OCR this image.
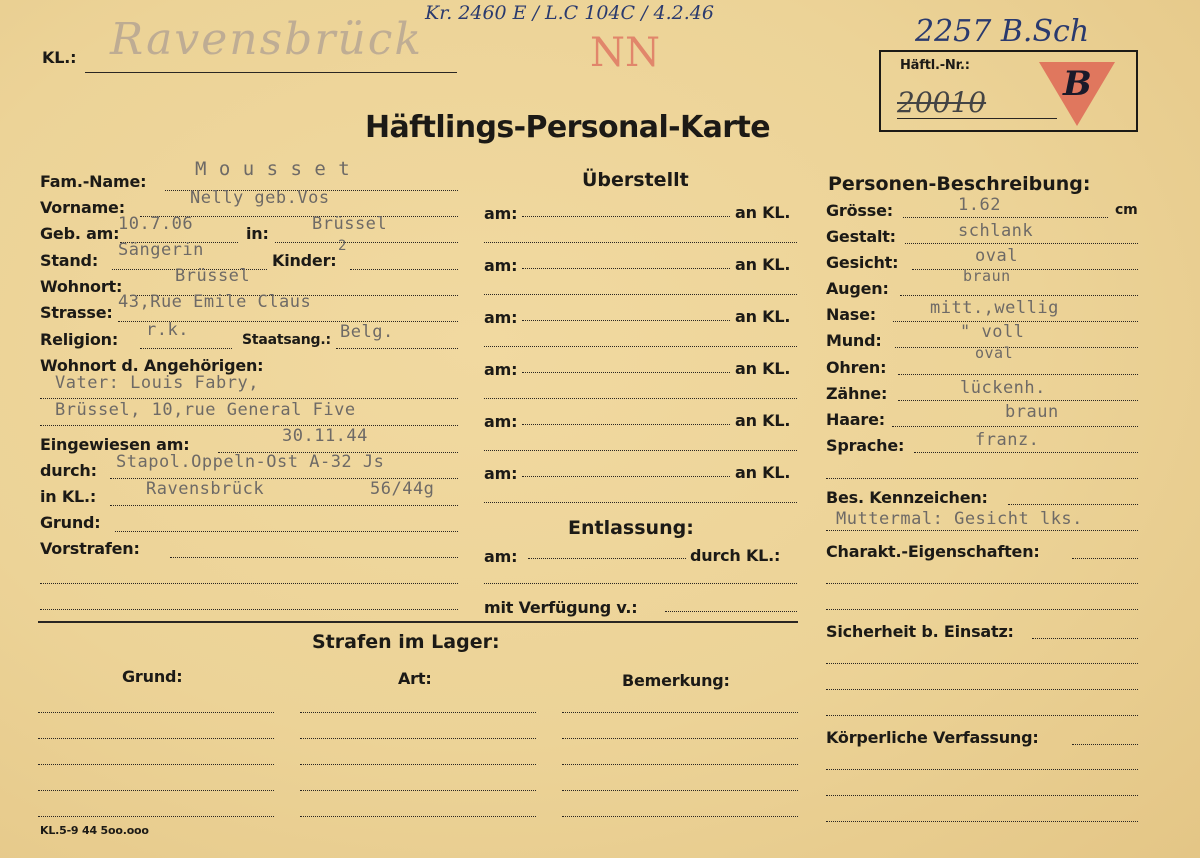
KL.: Ravensbrück
Kr. 2460 E / L.C 104C / 4.2.46
NN	2257 B.Sch
Häftl.-Nr.:
20010 B
Häftlings-Personal-Karte
Fam.-Name:
M o u s s e t
Vorname:	Nelly geb.Vos
Geb. am:
10.7.06	in:	Brüssel
Stand:
Sängerin
Kinder:
2
Wohnort:
Brüssel
Strasse:
43,Rue Emile Claus
Religion: r.k.	Staatsang.: Belg.
Wohnort d. Angehörigen:
Vater: Louis Fabry,
Brüssel, 10,rue General Five
Eingewiesen am:	30.11.44
durch: Stapol.Oppeln-Ost A-32 Js
in KL.:	Ravensbrück	56/44g
Grund:
Vorstrafen:
Überstellt
am:	an KL.
am:	an KL.
am:	an KL.
am:	an KL.
am:	an KL.
am:	an KL.
Entlassung:
am:	durch KL.:
mit Verfügung v.:
Personen-Beschreibung:
Grösse:	1.62	cm
Gestalt:	schlank
Gesicht:	oval
Augen:
braun
Nase:	mitt.,wellig
Mund:	" voll
Ohren:
oval
Zähne:	lückenh.
Haare:	braun
Sprache:	franz.
Bes. Kennzeichen:
Muttermal: Gesicht lks.
Charakt.-Eigenschaften:
Sicherheit b. Einsatz:
Körperliche Verfassung:
Strafen im Lager:
Grund:	Art:	Bemerkung:
KL.5-9 44 5oo.ooo
